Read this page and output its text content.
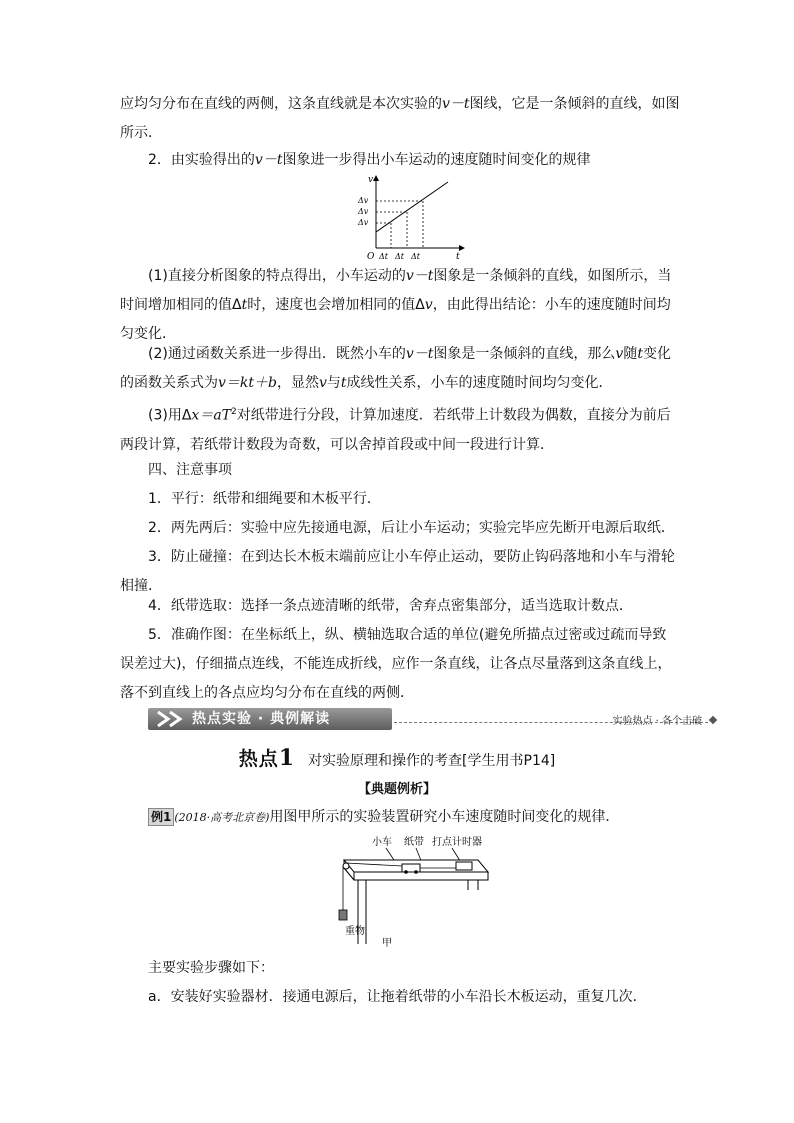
应均匀分布在直线的两侧，这条直线就是本次实验的v－t图线，它是一条倾斜的直线，如图所示．

2．由实验得出的v－t图象进一步得出小车运动的速度随时间变化的规律

v
Δv
Δv
Δv
O Δt Δt Δt	t

(1)直接分析图象的特点得出，小车运动的v－t图象是一条倾斜的直线，如图所示，当时间增加相同的值Δt时，速度也会增加相同的值Δv，由此得出结论：小车的速度随时间均匀变化．

(2)通过函数关系进一步得出．既然小车的v－t图象是一条倾斜的直线，那么v随t变化的函数关系式为v＝kt＋b，显然v与t成线性关系，小车的速度随时间均匀变化．

(3)用$\Delta x=aT^2$对纸带进行分段，计算加速度．若纸带上计数段为偶数，直接分为前后两段计算，若纸带计数段为奇数，可以舍掉首段或中间一段进行计算．

四、注意事项

1．平行：纸带和细绳要和木板平行．

2．两先两后：实验中应先接通电源，后让小车运动；实验完毕应先断开电源后取纸．

3．防止碰撞：在到达长木板末端前应让小车停止运动，要防止钩码落地和小车与滑轮相撞．

4．纸带选取：选择一条点迹清晰的纸带，舍弃点密集部分，适当选取计数点．

5．准确作图：在坐标纸上，纵、横轴选取合适的单位(避免所描点过密或过疏而导致误差过大)，仔细描点连线，不能连成折线，应作一条直线，让各点尽量落到这条直线上，落不到直线上的各点应均匀分布在直线的两侧．

热点实验 · 典例解读	实验热点 · 各个击破
热点1 对实验原理和操作的考查[学生用书P14]
【典题例析】
例1 (2018·高考北京卷)用图甲所示的实验装置研究小车速度随时间变化的规律．
小车 纸带 打点计时器
重物
甲

主要实验步骤如下：

a．安装好实验器材．接通电源后，让拖着纸带的小车沿长木板运动，重复几次．
